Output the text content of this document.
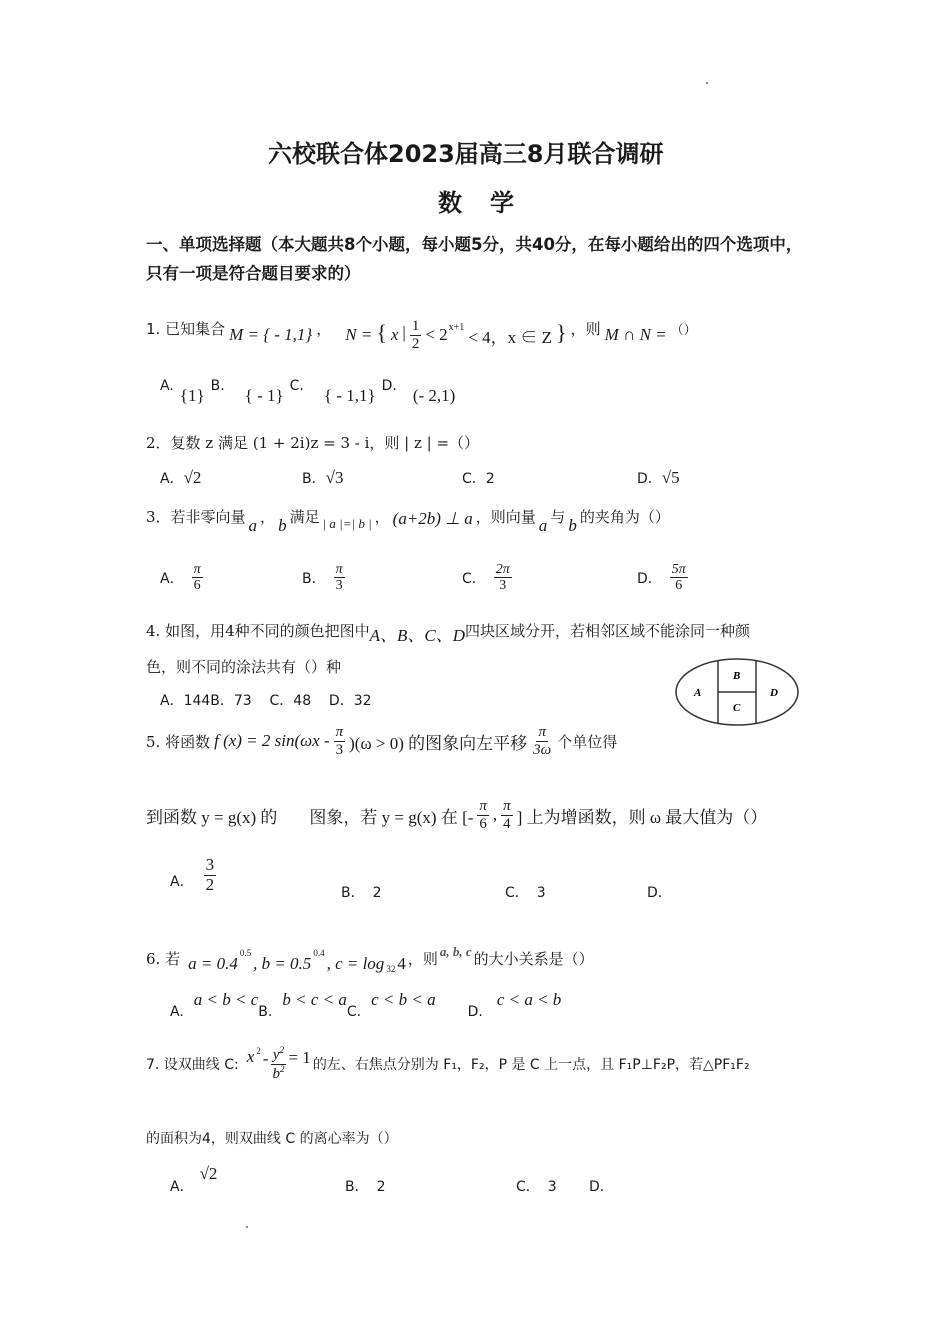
六校联合体2023届高三8月联合调研
数学
一、单项选择题（本大题共8个小题，每小题5分，共40分，在每小题给出的四个选项中，只有一项是符合题目要求的）
1. 已知集合 M = { - 1,1} ， N = { x | $\frac{1}{2} < 2^{x+1}$
< 4，x ∈ Z } ，则 M ∩ N = （）
A. {1} B. { - 1} C. { - 1,1} D. (- 2,1)
2．复数 z 满足 (1 + 2i)z = 3 - i，则 | z | =（）
A．√2	B．√3	C．2	D．√5
3．若非零向量 a ， b 满足 | a |=| b | ， (a+2b) ⊥ a ，则向量 a 与 b 的夹角为（）
A． $\frac{\pi}{6}$	B． $\frac{\pi}{3}$	C． $\frac{2\pi}{3}$	D． $\frac{5\pi}{6}$
4. 如图，用4种不同的颜色把图中A、B、C、D四块区域分开，若相邻区域不能涂同一种颜
色，则不同的涂法共有（）种
A．144B．73    C．48    D．32	A
B
C
D
5. 将函数 f (x) = 2 $\sin(\omega x - \frac{\pi}{3} )(\omega > 0)$ 的图象向左平移 $\frac{\pi}{3\omega}$ 个单位得
到函数 y = g(x) 的 图象，若 y = g(x) 在 [- $\frac{\pi}{6}$ , $\frac{\pi}{4}$ ] 上为增函数，则 ω 最大值为（）
A． $\frac{3}{2}$	B． 2	C． 3	D．
6. 若 a = 0.4
$^{0.5}$
, b = 0.5
$^{0.4}$
, $c = \log_{32} 4$ ，则 a, b, c 的大小关系是（）
A.
a < b < c
B.
b < c < a
C.
c < b < a
D.
c < a < b
7. 设双曲线 C: $x^2 - \frac{y^2}{b^2} = 1$ 的左、右焦点分别为 F₁，F₂，P 是 C 上一点，且 F₁P⊥F₂P，若△PF₁F₂
的面积为4，则双曲线 C 的离心率为（）
A．
√2
B． 2	C． 3 D．
